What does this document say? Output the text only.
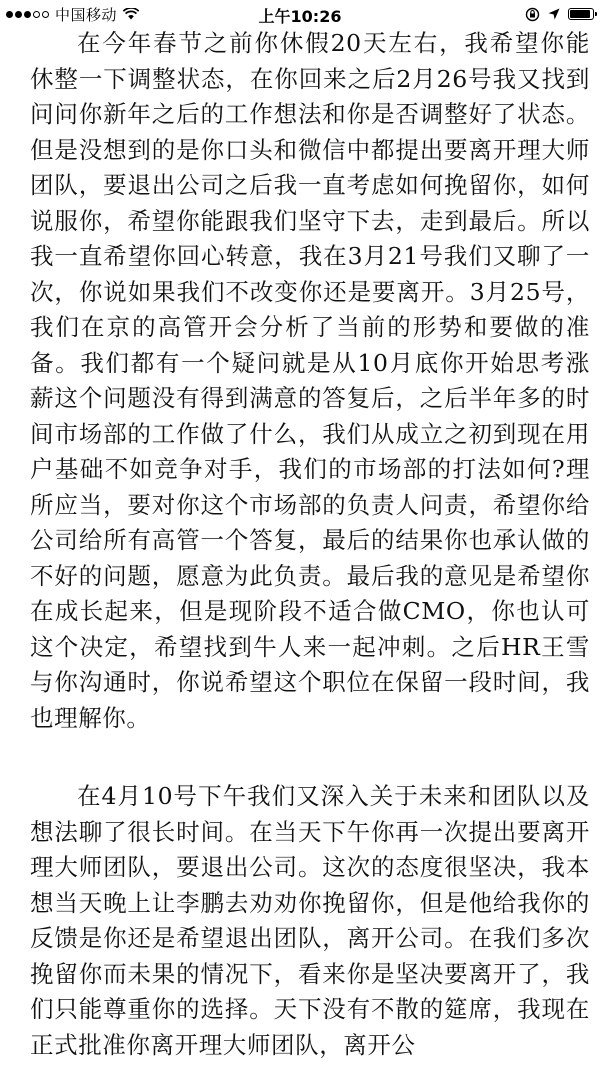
中国移动	上午10:26

在今年春节之前你休假20天左右，我希望你能休整一下调整状态，在你回来之后2月26号我又找到问问你新年之后的工作想法和你是否调整好了状态。但是没想到的是你口头和微信中都提出要离开理大师团队，要退出公司之后我一直考虑如何挽留你，如何说服你，希望你能跟我们坚守下去，走到最后。所以我一直希望你回心转意，我在3月21号我们又聊了一次，你说如果我们不改变你还是要离开。3月25号，我们在京的高管开会分析了当前的形势和要做的准备。我们都有一个疑问就是从10月底你开始思考涨薪这个问题没有得到满意的答复后，之后半年多的时间市场部的工作做了什么，我们从成立之初到现在用户基础不如竞争对手，我们的市场部的打法如何?理所应当，要对你这个市场部的负责人问责，希望你给公司给所有高管一个答复，最后的结果你也承认做的不好的问题，愿意为此负责。最后我的意见是希望你在成长起来，但是现阶段不适合做CMO，你也认可这个决定，希望找到牛人来一起冲刺。之后HR王雪与你沟通时，你说希望这个职位在保留一段时间，我也理解你。

在4月10号下午我们又深入关于未来和团队以及想法聊了很长时间。在当天下午你再一次提出要离开理大师团队，要退出公司。这次的态度很坚决，我本想当天晚上让李鹏去劝劝你挽留你，但是他给我你的反馈是你还是希望退出团队，离开公司。在我们多次挽留你而未果的情况下，看来你是坚决要离开了，我们只能尊重你的选择。天下没有不散的筵席，我现在正式批准你离开理大师团队，离开公
